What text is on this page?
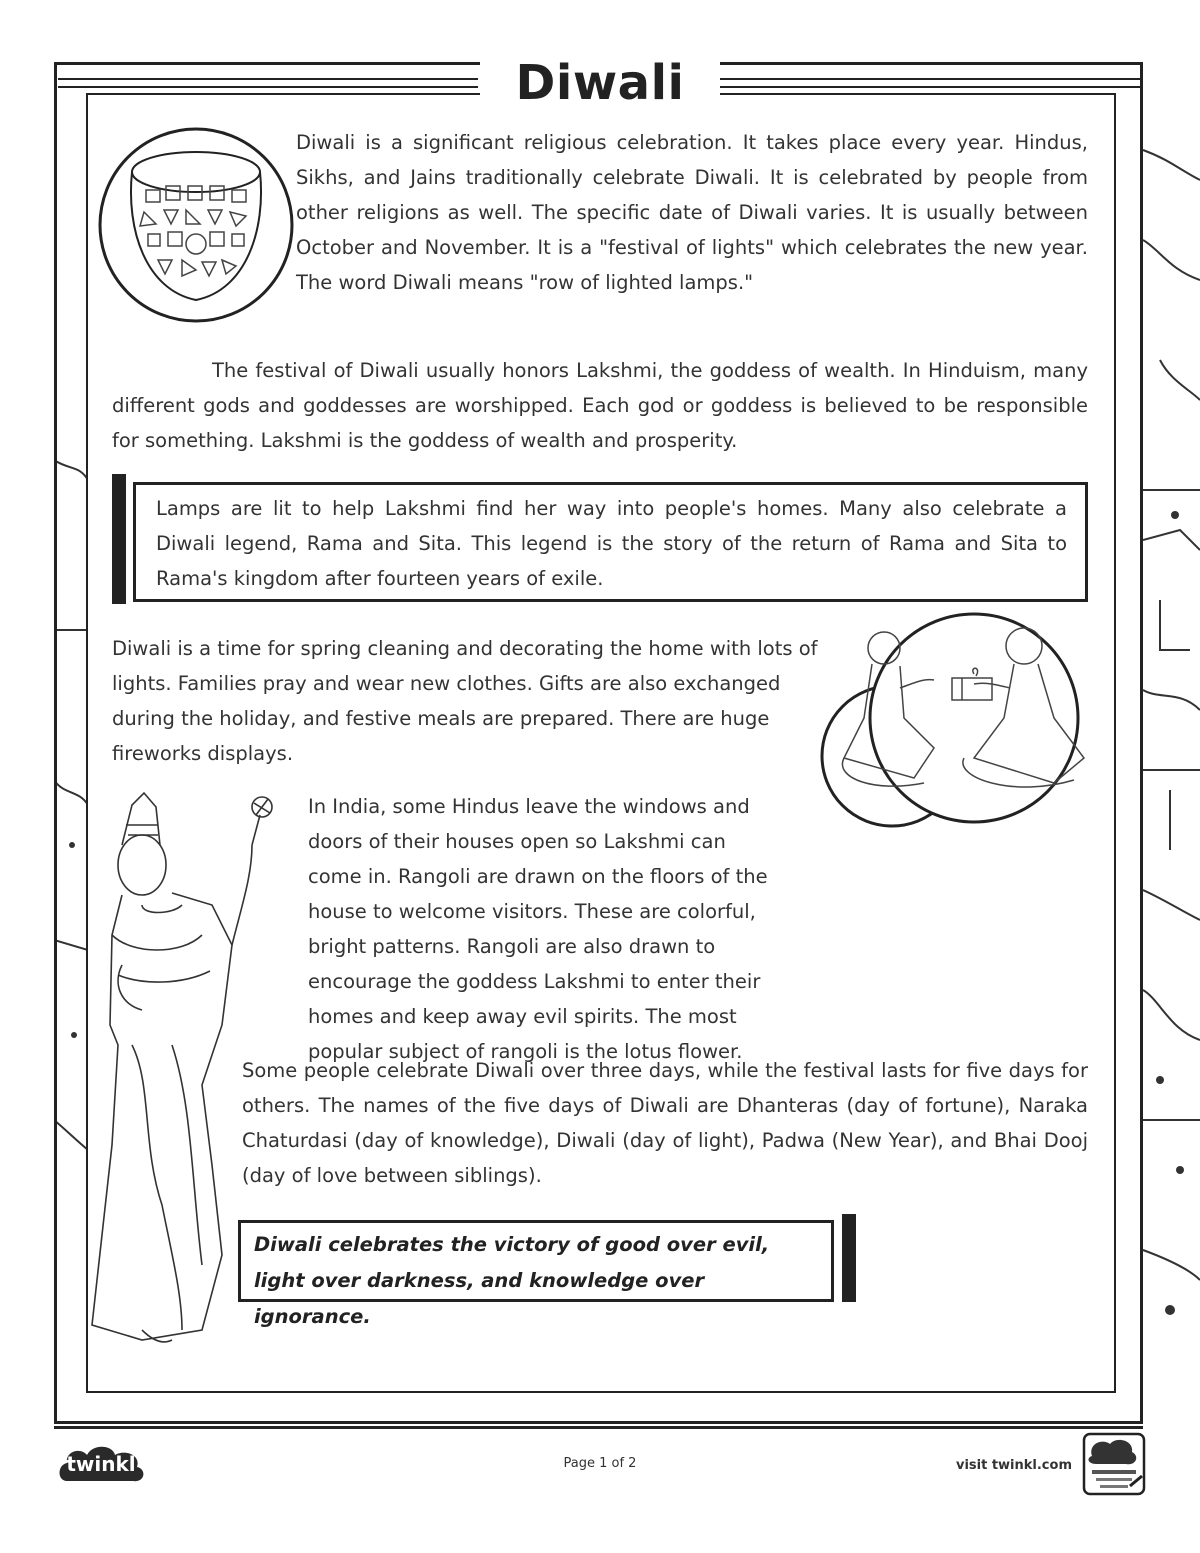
Diwali

Diwali is a significant religious celebration. It takes place every year. Hindus, Sikhs, and Jains traditionally celebrate Diwali. It is celebrated by people from other religions as well. The specific date of Diwali varies. It is usually between October and November. It is a "festival of lights" which celebrates the new year. The word Diwali means "row of lighted lamps."

The festival of Diwali usually honors Lakshmi, the goddess of wealth. In Hinduism, many different gods and goddesses are worshipped. Each god or goddess is believed to be responsible for something. Lakshmi is the goddess of wealth and prosperity.

Lamps are lit to help Lakshmi find her way into people's homes. Many also celebrate a Diwali legend, Rama and Sita. This legend is the story of the return of Rama and Sita to Rama's kingdom after fourteen years of exile.

Diwali is a time for spring cleaning and decorating the home with lots of lights. Families pray and wear new clothes. Gifts are also exchanged during the holiday, and festive meals are prepared. There are huge fireworks displays.

In India, some Hindus leave the windows and doors of their houses open so Lakshmi can come in. Rangoli are drawn on the floors of the house to welcome visitors. These are colorful, bright patterns. Rangoli are also drawn to encourage the goddess Lakshmi to enter their homes and keep away evil spirits. The most popular subject of rangoli is the lotus flower.

Some people celebrate Diwali over three days, while the festival lasts for five days for others. The names of the five days of Diwali are Dhanteras (day of fortune), Naraka Chaturdasi (day of knowledge), Diwali (day of light), Padwa (New Year), and Bhai Dooj (day of love between siblings).

Diwali celebrates the victory of good over evil, light over darkness, and knowledge over ignorance.
twinkl	Page 1 of 2	visit twinkl.com
